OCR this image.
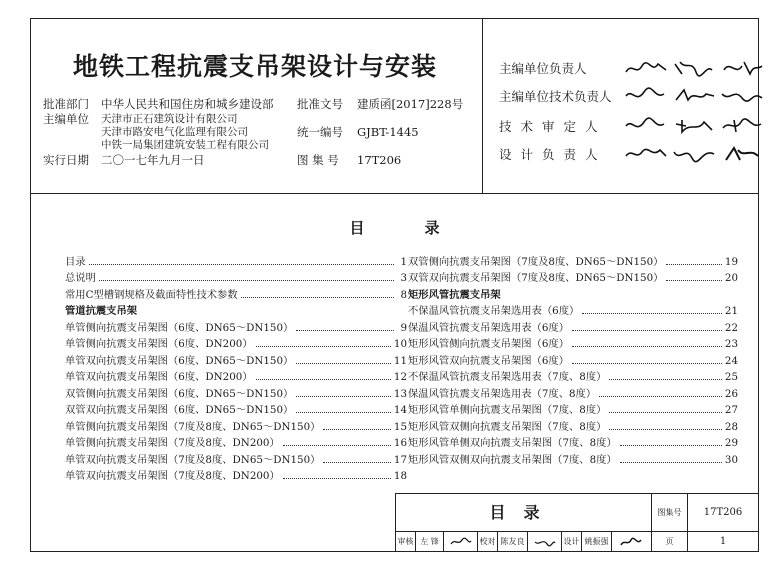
地铁工程抗震支吊架设计与安装
批准部门 中华人民共和国住房和城乡建设部 批准文号 建质函[2017]228号
主编单位 天津市正石建筑设计有限公司
天津市路安电气化监理有限公司
中铁一局集团建筑安装工程有限公司
统一编号 GJBT-1445
实行日期 二〇一七年九月一日	图 集 号 17T206
主编单位负责人
主编单位技术负责人
技术审定人
设计负责人
目	录
目录	1
总说明	3
常用C型槽钢规格及截面特性技术参数	8
管道抗震支吊架
单管侧向抗震支吊架图（6度、DN65～DN150）	9
单管侧向抗震支吊架图（6度、DN200）	10
单管双向抗震支吊架图（6度、DN65～DN150）	11
单管双向抗震支吊架图（6度、DN200）	12
双管侧向抗震支吊架图（6度、DN65～DN150）	13
双管双向抗震支吊架图（6度、DN65～DN150）	14
单管侧向抗震支吊架图（7度及8度、DN65～DN150）	15
单管侧向抗震支吊架图（7度及8度、DN200）	16
单管双向抗震支吊架图（7度及8度、DN65～DN150）	17
单管双向抗震支吊架图（7度及8度、DN200）	18
双管侧向抗震支吊架图（7度及8度、DN65～DN150）	19
双管双向抗震支吊架图（7度及8度、DN65～DN150）	20
矩形风管抗震支吊架
不保温风管抗震支吊架选用表（6度）	21
保温风管抗震支吊架选用表（6度）	22
矩形风管侧向抗震支吊架图（6度）	23
矩形风管双向抗震支吊架图（6度）	24
不保温风管抗震支吊架选用表（7度、8度）	25
保温风管抗震支吊架选用表（7度、8度）	26
矩形风管单侧向抗震支吊架图（7度、8度）	27
矩形风管双侧向抗震支吊架图（7度、8度）	28
矩形风管单侧双向抗震支吊架图（7度、8度）	29
矩形风管双侧双向抗震支吊架图（7度、8度）	30
目录	图集号	17T206
审核 左 锋	校对 陈友良	设计 姚振强	页	1
